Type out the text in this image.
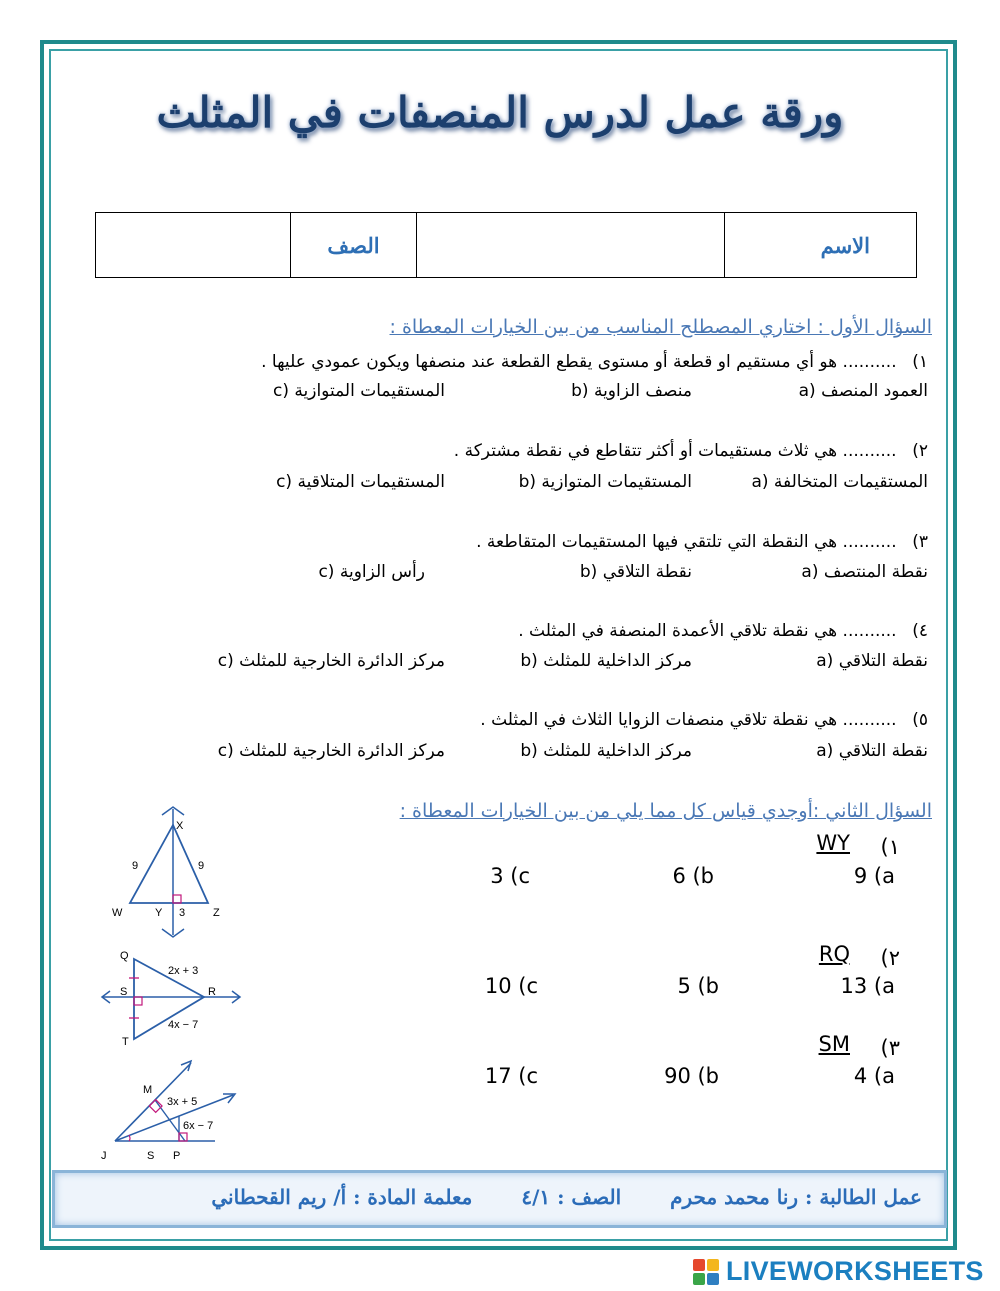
ورقة عمل لدرس المنصفات في المثلث
الاسم		الصف	
السؤال الأول : اختاري المصطلح المناسب من بين الخيارات المعطاة :
١) .......... هو أي مستقيم او قطعة أو مستوى يقطع القطعة عند منصفها ويكون عمودي عليها .
a) العمود المنصف
b) منصف الزاوية
c) المستقيمات المتوازية
٢) .......... هي ثلاث مستقيمات أو أكثر تتقاطع في نقطة مشتركة .
a) المستقيمات المتخالفة
b) المستقيمات المتوازية
c) المستقيمات المتلاقية
٣) .......... هي النقطة التي تلتقي فيها المستقيمات المتقاطعة .
a) نقطة المنتصف
b) نقطة التلاقي
c) رأس الزاوية
٤) .......... هي نقطة تلاقي الأعمدة المنصفة في المثلث .
a) نقطة التلاقي
b) مركز الداخلية للمثلث
c) مركز الدائرة الخارجية للمثلث
٥) .......... هي نقطة تلاقي منصفات الزوايا الثلاث في المثلث .
a) نقطة التلاقي
b) مركز الداخلية للمثلث
c) مركز الدائرة الخارجية للمثلث
السؤال الثاني :أوجدي قياس كل مما يلي من بين الخيارات المعطاة :
١)
WY
9 (a
6 (b
3 (c
٢)
RQ
13 (a
5 (b
10 (c
٣)
SM
4 (a
90 (b
17 (c
X
W	Y	Z
9	9
3
Q
S	R
T
2x + 3
4x − 7
M
J	S P
3x + 5
6x − 7
عمل الطالبة : رنا محمد محرم الصف : ٤/١ معلمة المادة : أ/ ريم القحطاني
LIVEWORKSHEETS
